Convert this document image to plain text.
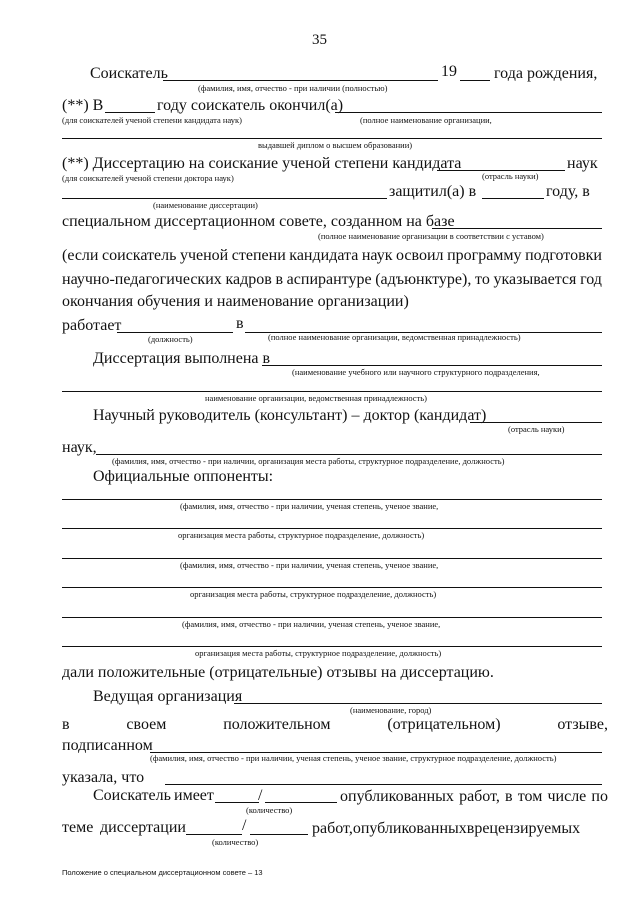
35
Соискатель	19 года рождения,
(фамилия, имя, отчество - при наличии (полностью)
(**) В	году соискатель окончил(а)
(для соискателей ученой степени кандидата наук)	(полное наименование организации,
выдавшей диплом о высшем образовании)
(**) Диссертацию на соискание ученой степени кандидата	наук
(для соискателей ученой степени доктора наук)	(отрасль науки)
защитил(а) в	году, в
(наименование диссертации)
специальном диссертационном совете, созданном на базе
(полное наименование организации в соответствии с уставом)
(если соискатель ученой степени кандидата наук освоил программу подготовки
научно-педагогических кадров в аспирантуре (адъюнктуре), то указывается год
окончания обучения и наименование организации)
работает	в
(должность)	(полное наименование организации, ведомственная принадлежность)
Диссертация выполнена в
(наименование учебного или научного структурного подразделения,
наименование организации, ведомственная принадлежность)
Научный руководитель (консультант) – доктор (кандидат)
(отрасль науки)
наук,
(фамилия, имя, отчество - при наличии, организация места работы, структурное подразделение, должность)
Официальные оппоненты:
(фамилия, имя, отчество - при наличии, ученая степень, ученое звание,
организация места работы, структурное подразделение, должность)
(фамилия, имя, отчество - при наличии, ученая степень, ученое звание,
организация места работы, структурное подразделение, должность)
(фамилия, имя, отчество - при наличии, ученая степень, ученое звание,
организация места работы, структурное подразделение, должность)
дали положительные (отрицательные) отзывы на диссертацию.
Ведущая организация
(наименование, город)
в	своем	положительном	(отрицательном)	отзыве,
подписанном
(фамилия, имя, отчество - при наличии, ученая степень, ученое звание, структурное подразделение, должность)
указала, что
Соискатель имеет	/	опубликованных работ, в том числе по
(количество)
теме диссертации	/	работ, опубликованных в рецензируемых
(количество)
Положение о специальном диссертационном совете – 13
